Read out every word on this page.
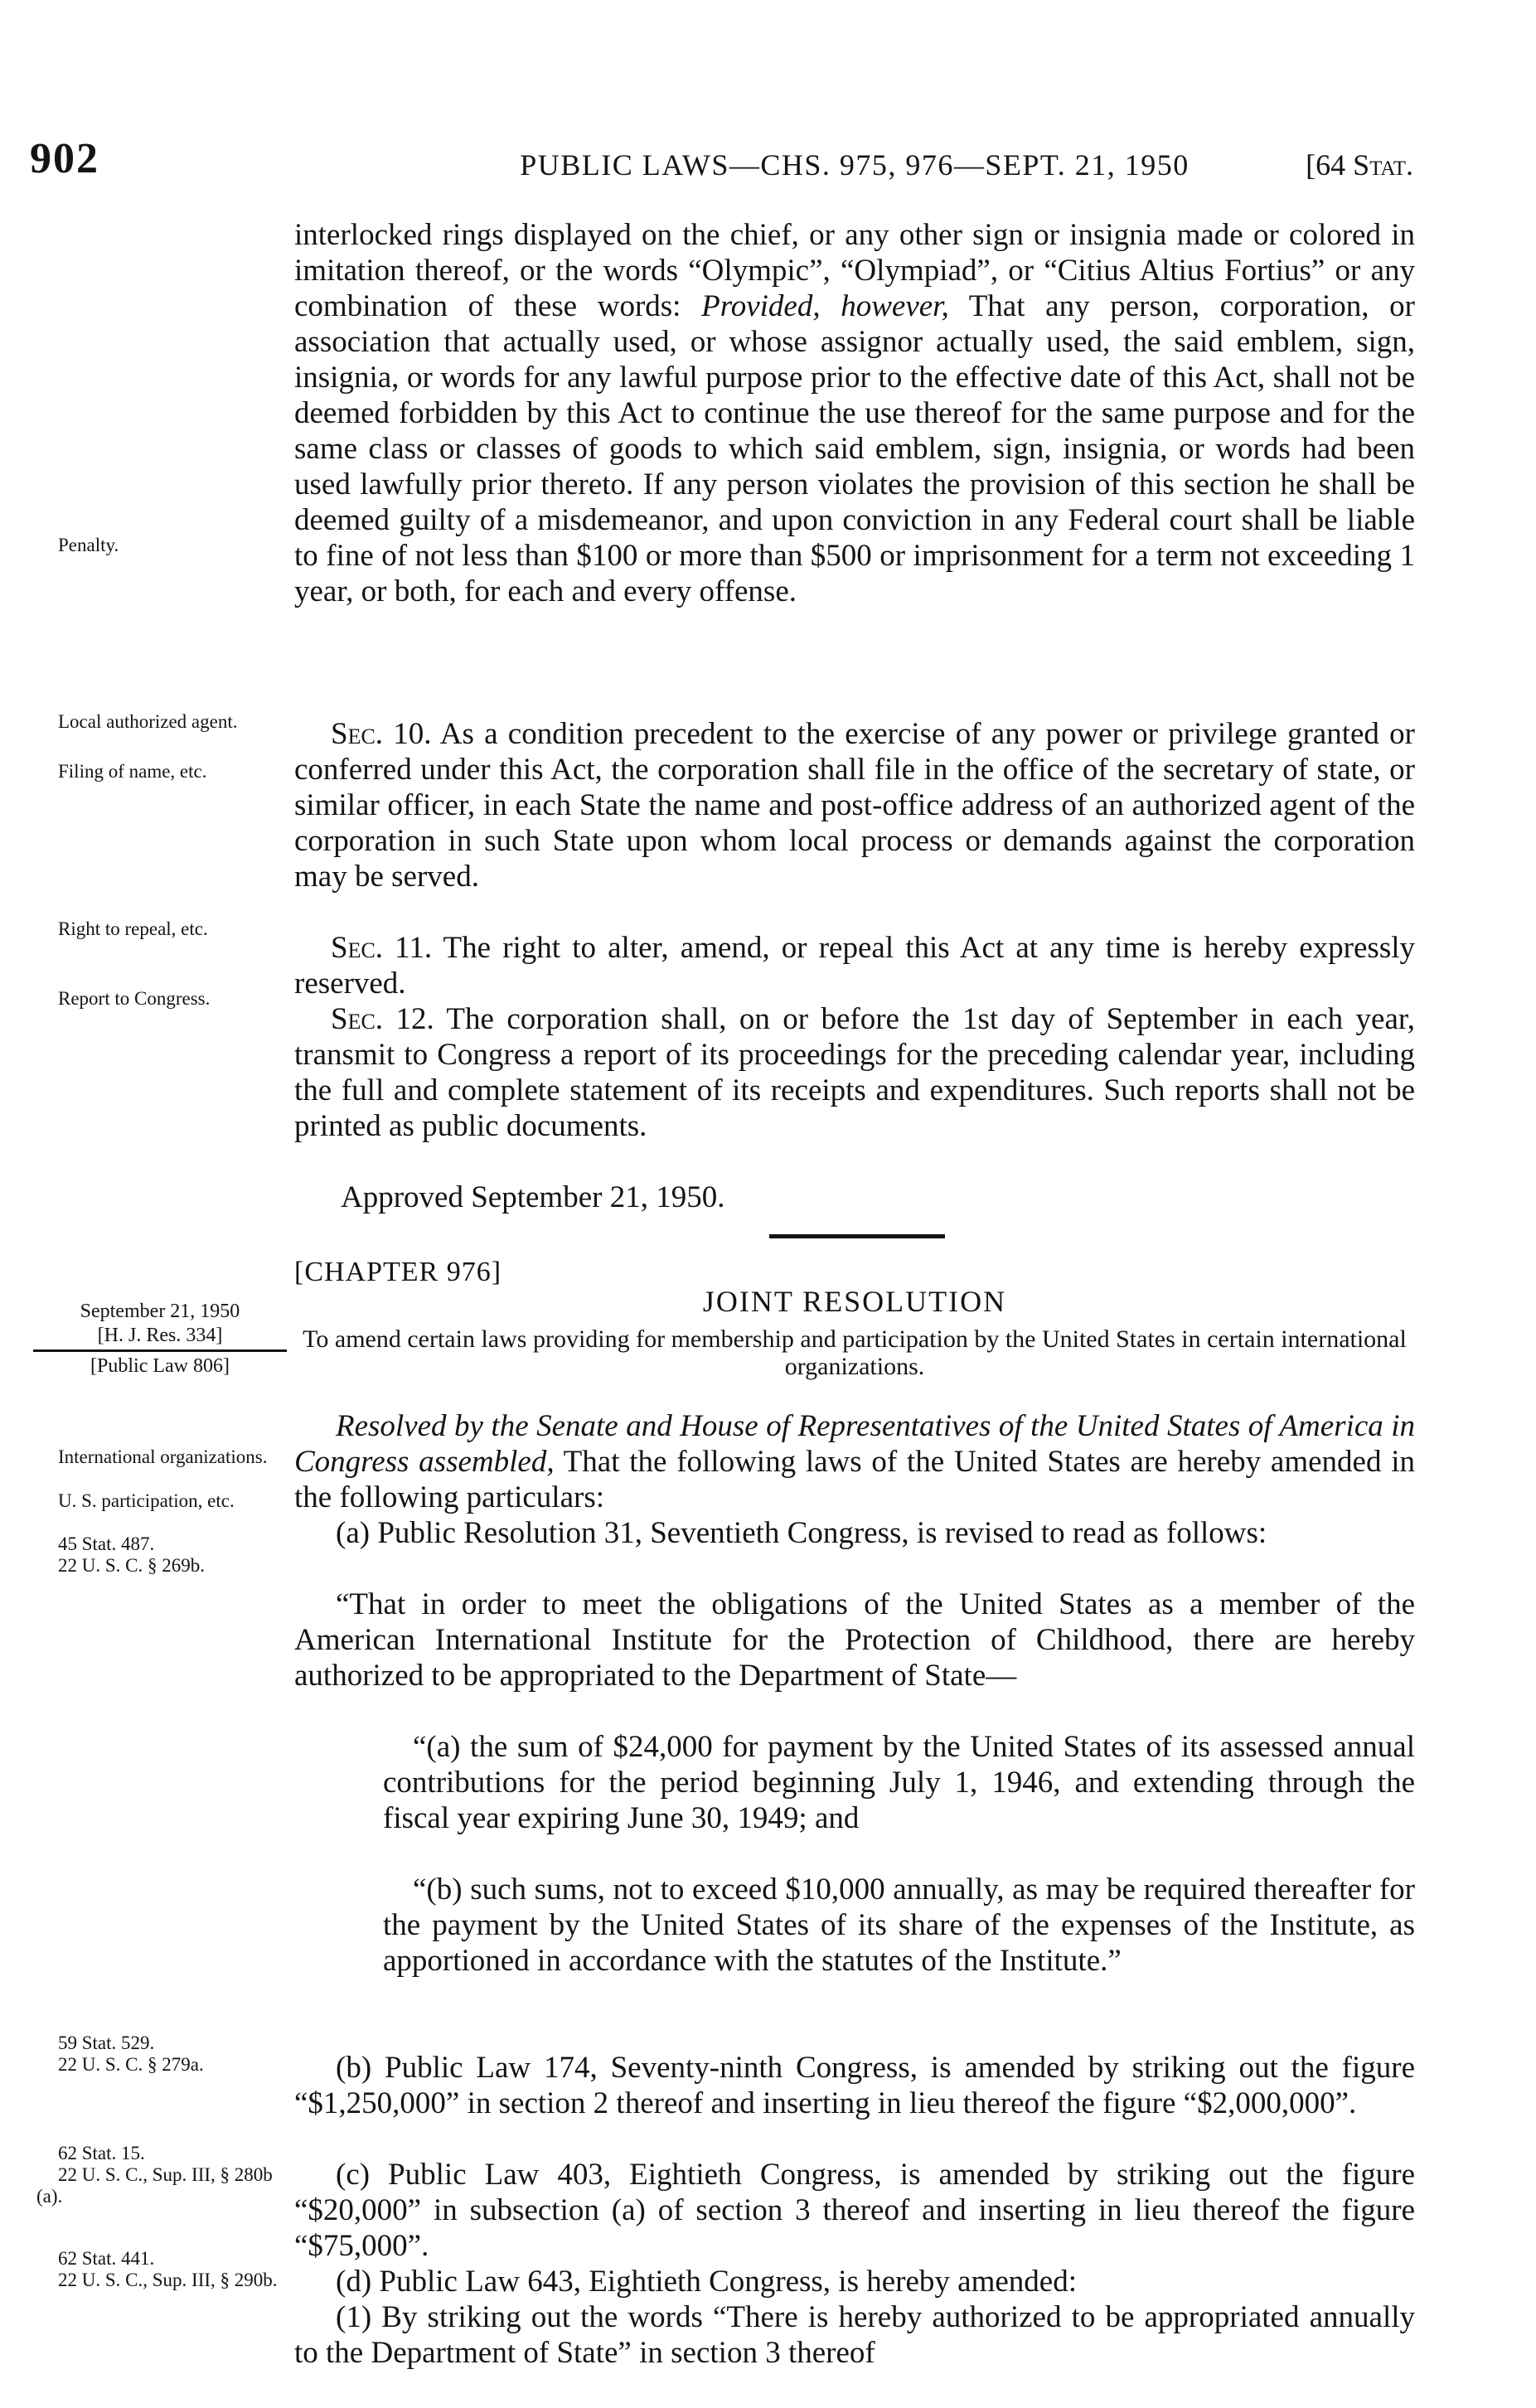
902	PUBLIC LAWS—CHS. 975, 976—SEPT. 21, 1950	[64 Stat.

Penalty.

Local authorized agent.

Filing of name, etc.

Right to repeal, etc.

Report to Congress.

interlocked rings displayed on the chief, or any other sign or insignia made or colored in imitation thereof, or the words “Olympic”, “Olympiad”, or “Citius Altius Fortius” or any combination of these words: Provided, however, That any person, corporation, or association that actually used, or whose assignor actually used, the said emblem, sign, insignia, or words for any lawful purpose prior to the effective date of this Act, shall not be deemed forbidden by this Act to continue the use thereof for the same purpose and for the same class or classes of goods to which said emblem, sign, insignia, or words had been used lawfully prior thereto. If any person violates the provision of this section he shall be deemed guilty of a misdemeanor, and upon conviction in any Federal court shall be liable to fine of not less than $100 or more than $500 or imprisonment for a term not exceeding 1 year, or both, for each and every offense.

Sec. 10. As a condition precedent to the exercise of any power or privilege granted or conferred under this Act, the corporation shall file in the office of the secretary of state, or similar officer, in each State the name and post-office address of an authorized agent of the corporation in such State upon whom local process or demands against the corporation may be served.

Sec. 11. The right to alter, amend, or repeal this Act at any time is hereby expressly reserved.

Sec. 12. The corporation shall, on or before the 1st day of September in each year, transmit to Congress a report of its proceedings for the preceding calendar year, including the full and complete statement of its receipts and expenditures. Such reports shall not be printed as public documents.

Approved September 21, 1950.

[CHAPTER 976]

JOINT RESOLUTION

To amend certain laws providing for membership and participation by the United States in certain international organizations.

September 21, 1950
[H. J. Res. 334]
[Public Law 806]

International organizations.

U. S. participation, etc.

45 Stat. 487.

22 U. S. C. § 269b.

59 Stat. 529.

22 U. S. C. § 279a.

62 Stat. 15.

22 U. S. C., Sup. III, § 280b (a).

62 Stat. 441.

22 U. S. C., Sup. III, § 290b.

Resolved by the Senate and House of Representatives of the United States of America in Congress assembled, That the following laws of the United States are hereby amended in the following particulars:

(a) Public Resolution 31, Seventieth Congress, is revised to read as follows:

“That in order to meet the obligations of the United States as a member of the American International Institute for the Protection of Childhood, there are hereby authorized to be appropriated to the Department of State—

“(a) the sum of $24,000 for payment by the United States of its assessed annual contributions for the period beginning July 1, 1946, and extending through the fiscal year expiring June 30, 1949; and

“(b) such sums, not to exceed $10,000 annually, as may be required thereafter for the payment by the United States of its share of the expenses of the Institute, as apportioned in accordance with the statutes of the Institute.”

(b) Public Law 174, Seventy-ninth Congress, is amended by striking out the figure “$1,250,000” in section 2 thereof and inserting in lieu thereof the figure “$2,000,000”.

(c) Public Law 403, Eightieth Congress, is amended by striking out the figure “$20,000” in subsection (a) of section 3 thereof and inserting in lieu thereof the figure “$75,000”.

(d) Public Law 643, Eightieth Congress, is hereby amended:

(1) By striking out the words “There is hereby authorized to be appropriated annually to the Department of State” in section 3 thereof
